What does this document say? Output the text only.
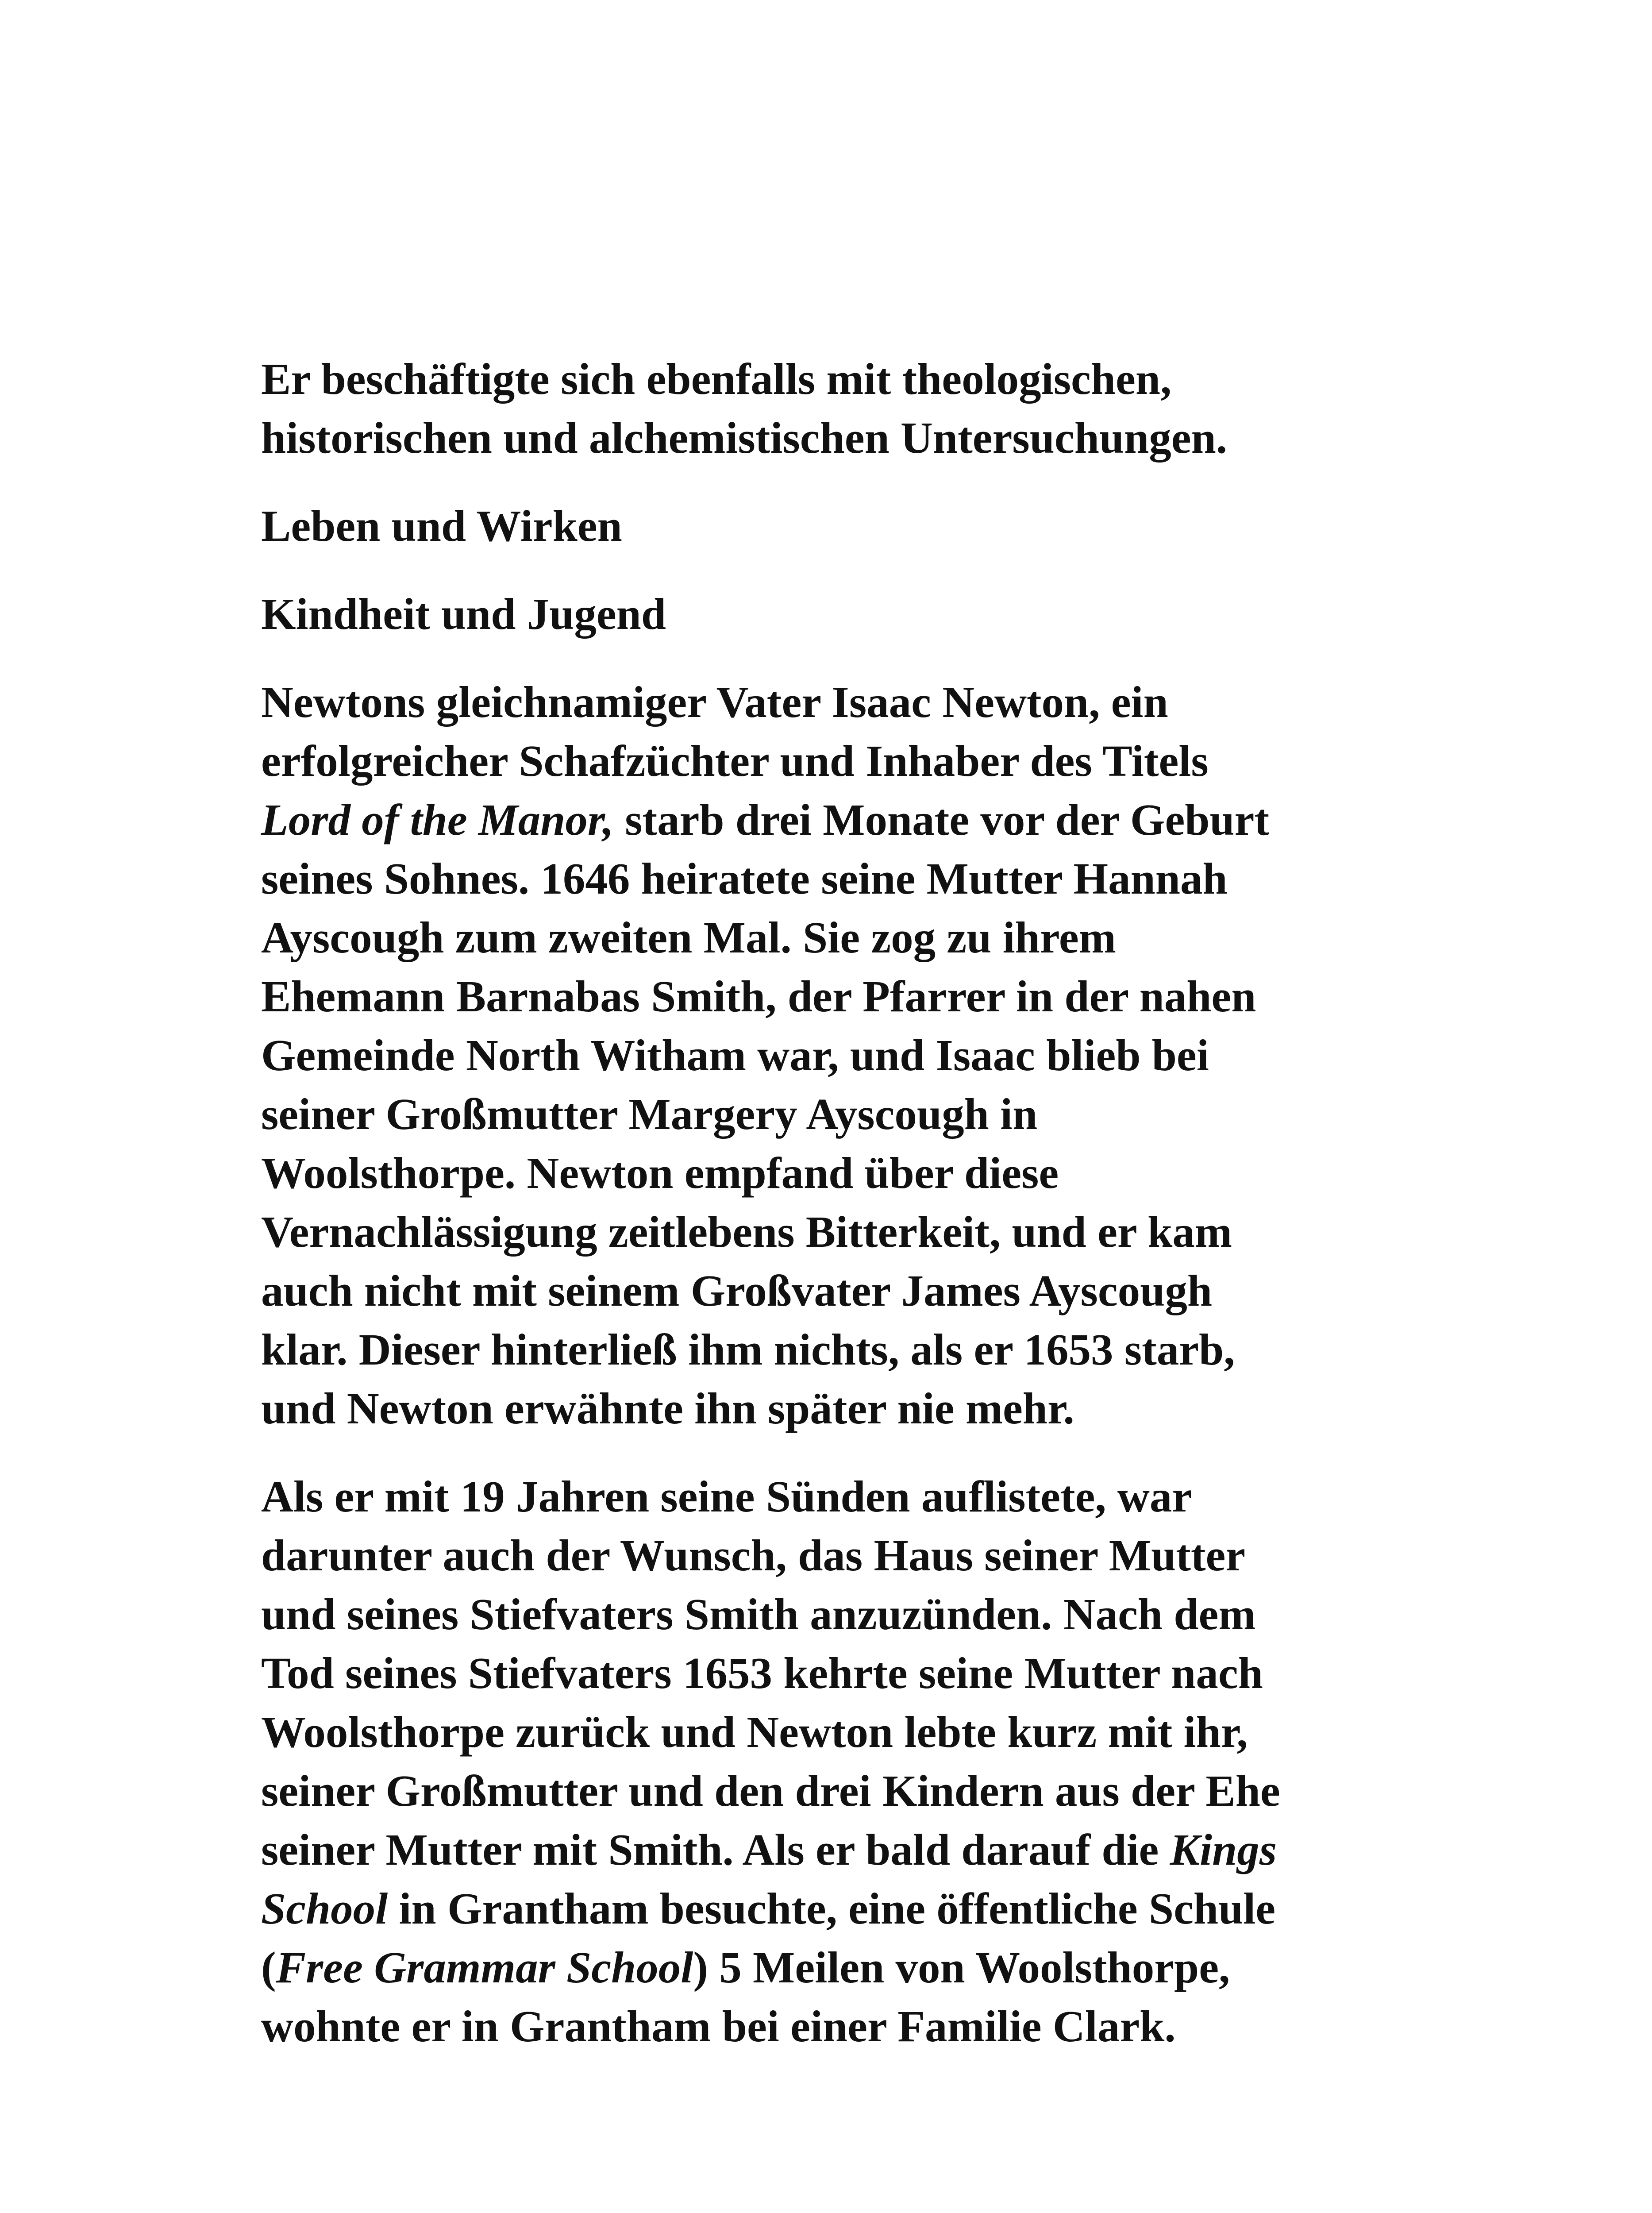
Er beschäftigte sich ebenfalls mit theologischen,
historischen und alchemistischen Untersuchungen.

Leben und Wirken

Kindheit und Jugend

Newtons gleichnamiger Vater Isaac Newton, ein
erfolgreicher Schafzüchter und Inhaber des Titels
Lord of the Manor, starb drei Monate vor der Geburt
seines Sohnes. 1646 heiratete seine Mutter Hannah
Ayscough zum zweiten Mal. Sie zog zu ihrem
Ehemann Barnabas Smith, der Pfarrer in der nahen
Gemeinde North Witham war, und Isaac blieb bei
seiner Großmutter Margery Ayscough in
Woolsthorpe. Newton empfand über diese
Vernachlässigung zeitlebens Bitterkeit, und er kam
auch nicht mit seinem Großvater James Ayscough
klar. Dieser hinterließ ihm nichts, als er 1653 starb,
und Newton erwähnte ihn später nie mehr.

Als er mit 19 Jahren seine Sünden auflistete, war
darunter auch der Wunsch, das Haus seiner Mutter
und seines Stiefvaters Smith anzuzünden. Nach dem
Tod seines Stiefvaters 1653 kehrte seine Mutter nach
Woolsthorpe zurück und Newton lebte kurz mit ihr,
seiner Großmutter und den drei Kindern aus der Ehe
seiner Mutter mit Smith. Als er bald darauf die Kings
School in Grantham besuchte, eine öffentliche Schule
(Free Grammar School) 5 Meilen von Woolsthorpe,
wohnte er in Grantham bei einer Familie Clark.
